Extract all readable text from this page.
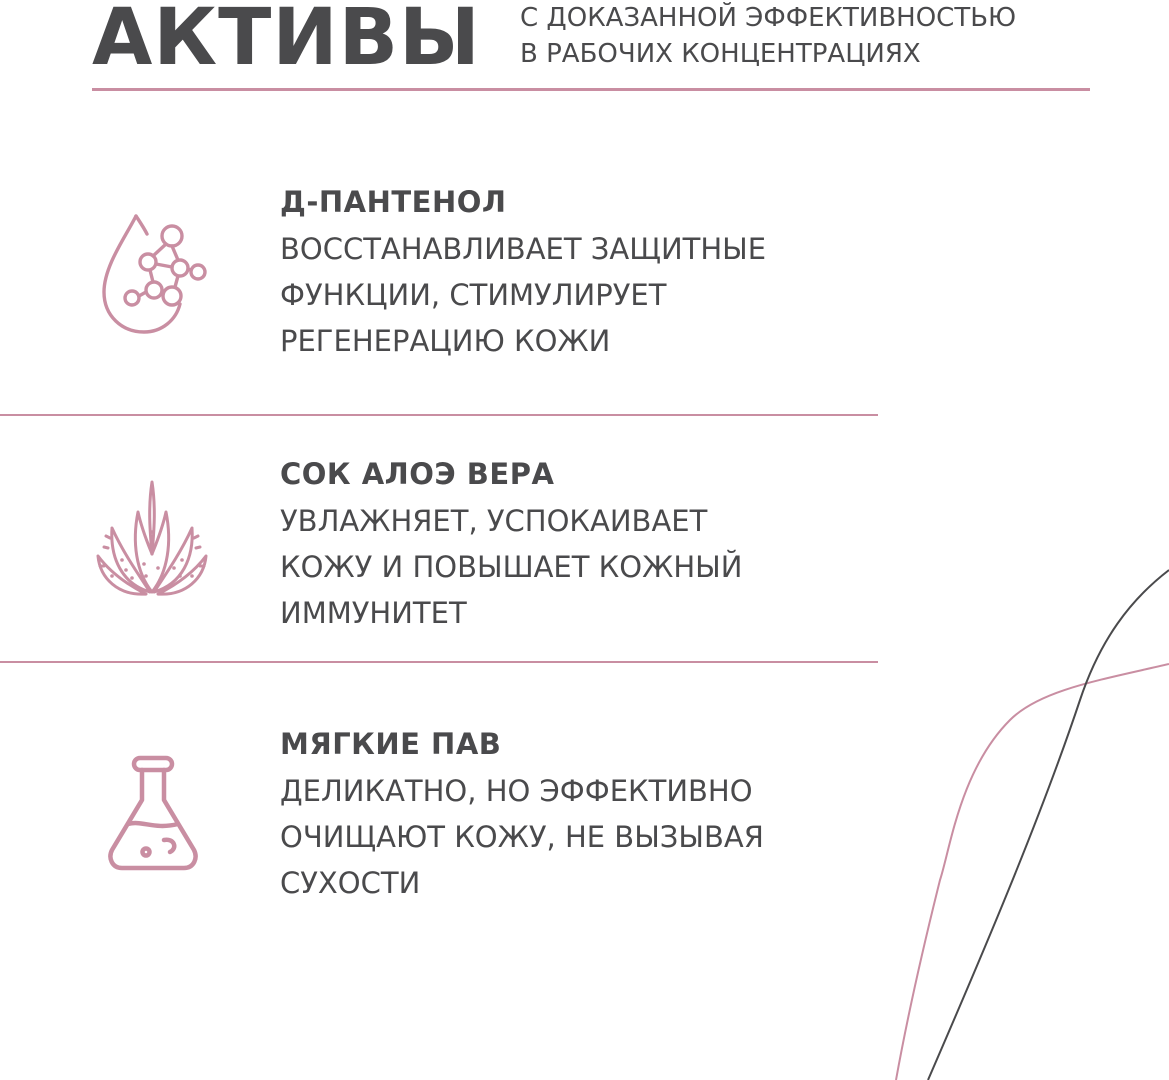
АКТИВЫ С ДОКАЗАННОЙ ЭФФЕКТИВНОСТЬЮ
В РАБОЧИХ КОНЦЕНТРАЦИЯХ
Д-ПАНТЕНОЛ
ВОССТАНАВЛИВАЕТ ЗАЩИТНЫЕ
ФУНКЦИИ, СТИМУЛИРУЕТ
РЕГЕНЕРАЦИЮ КОЖИ
СОК АЛОЭ ВЕРА
УВЛАЖНЯЕТ, УСПОКАИВАЕТ
КОЖУ И ПОВЫШАЕТ КОЖНЫЙ
ИММУНИТЕТ
МЯГКИЕ ПАВ
ДЕЛИКАТНО, НО ЭФФЕКТИВНО
ОЧИЩАЮТ КОЖУ, НЕ ВЫЗЫВАЯ
СУХОСТИ
